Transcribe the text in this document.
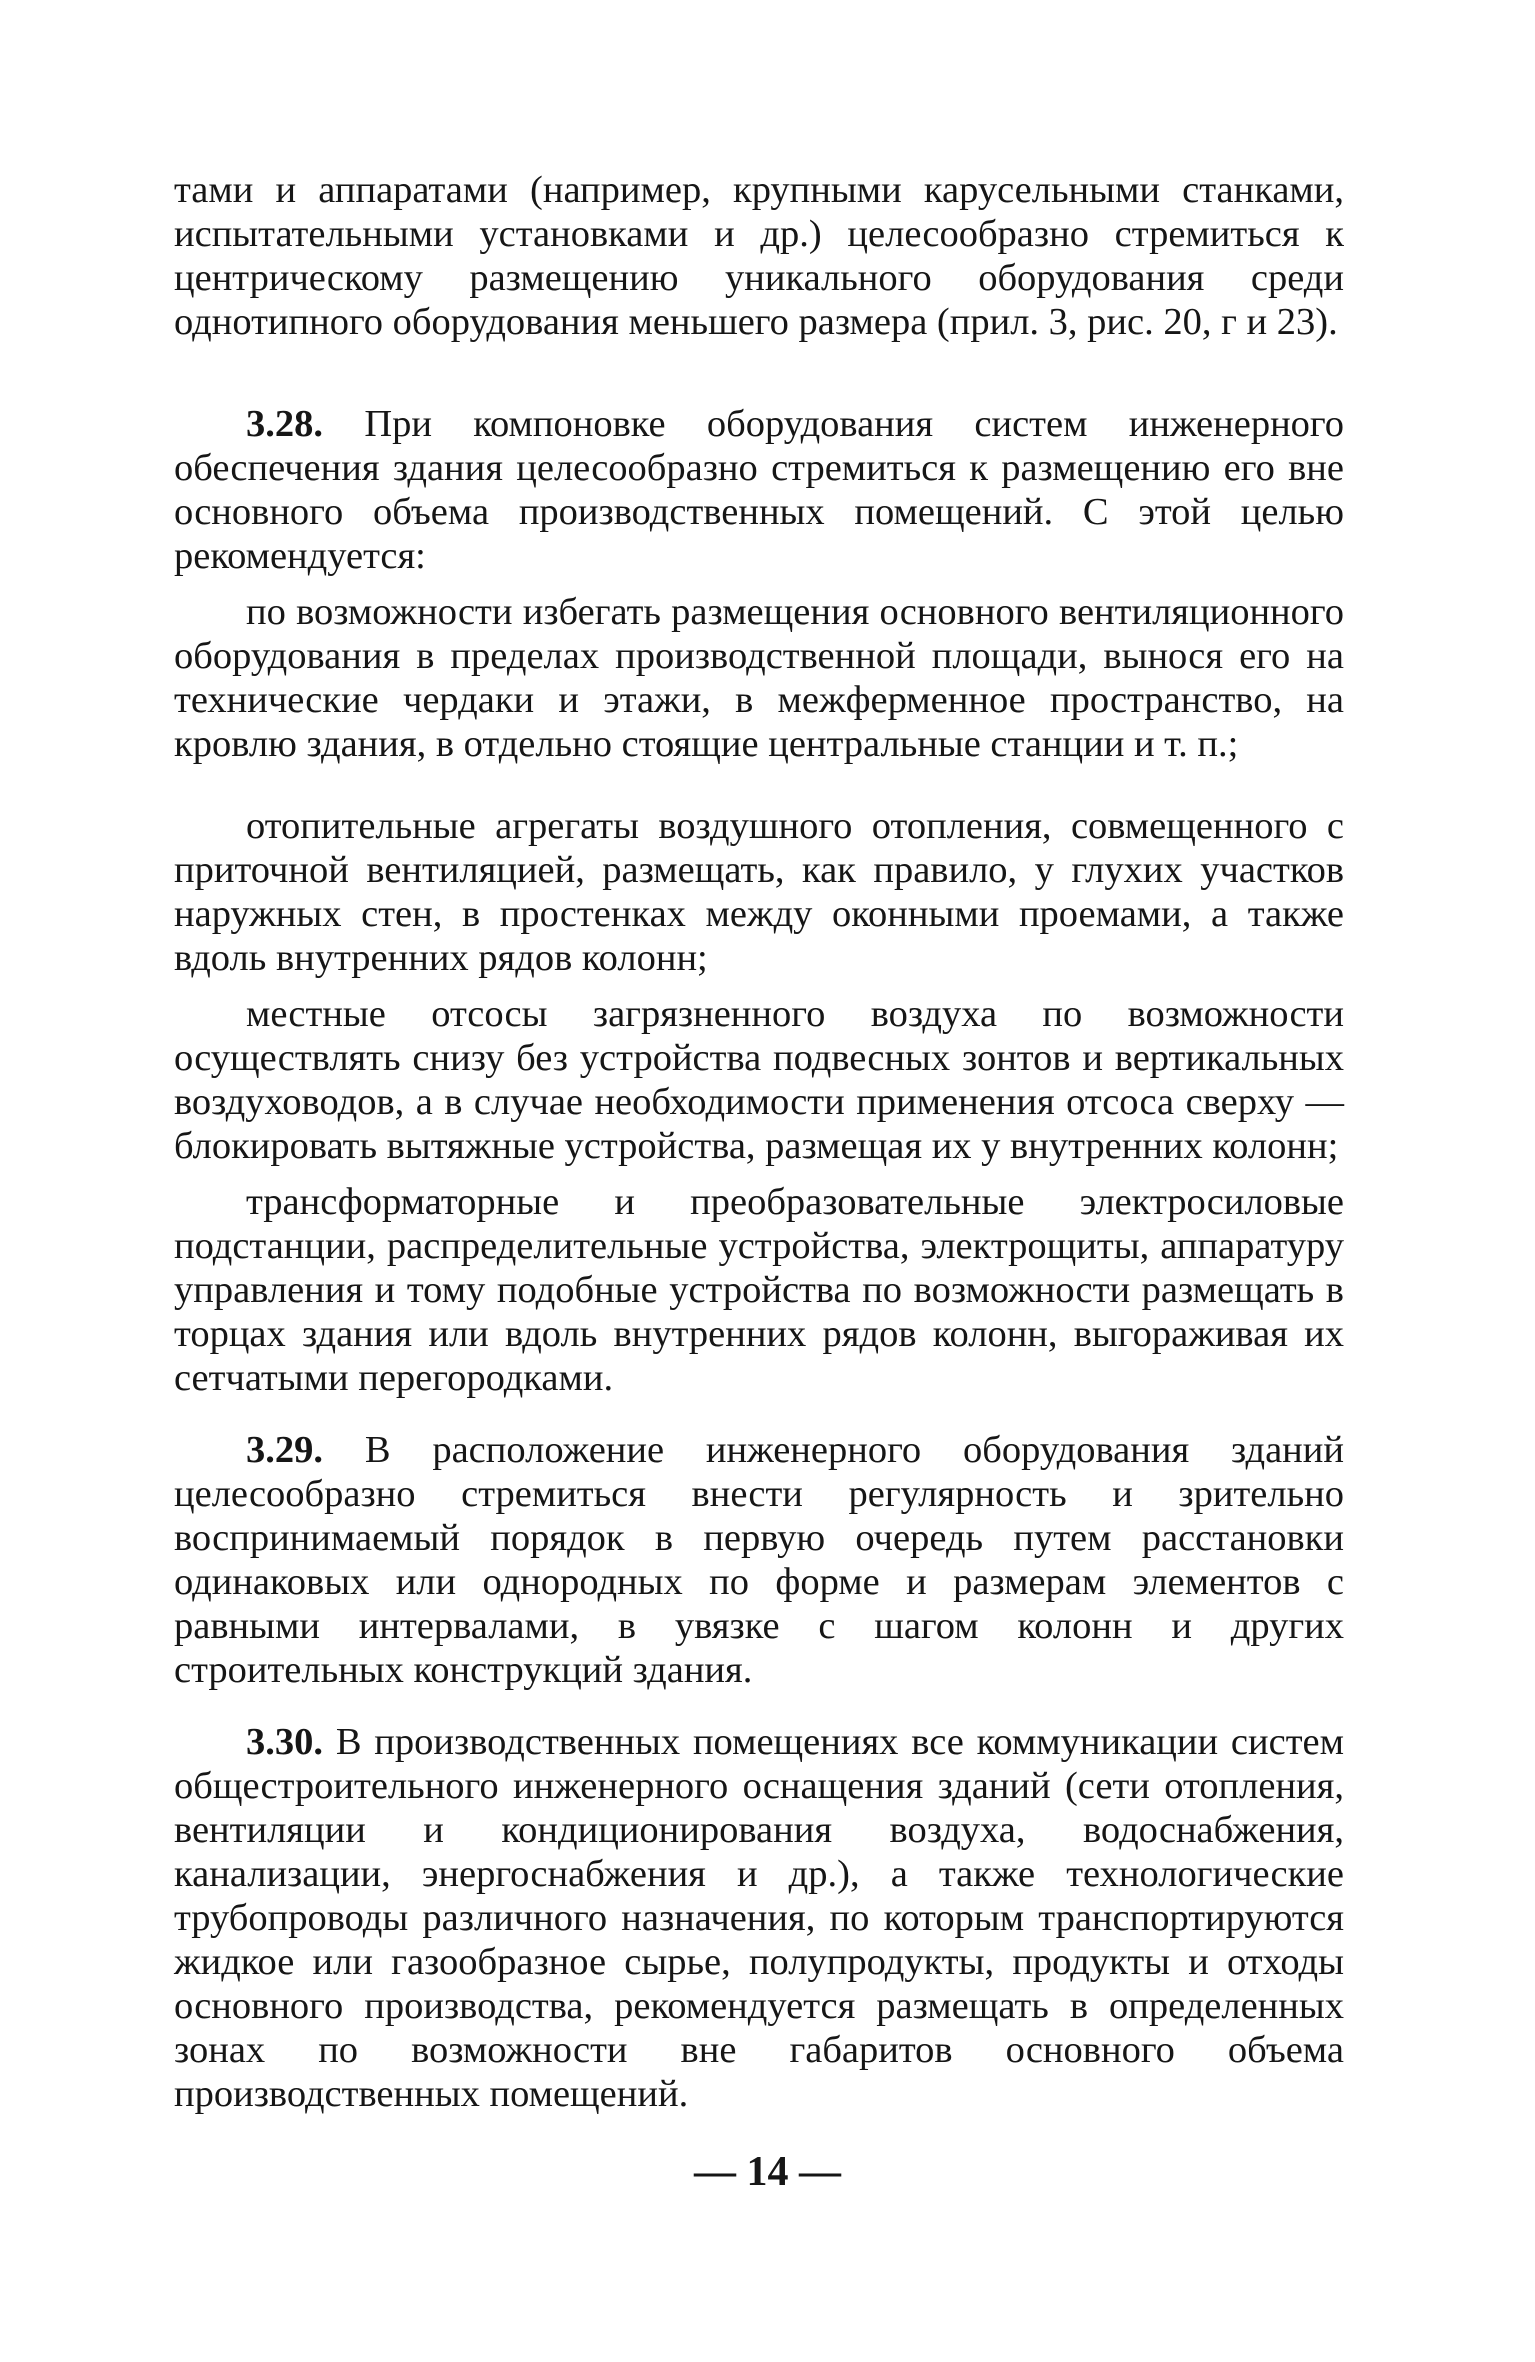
тами и аппаратами (например, крупными карусельными станками, испытательными установками и др.) целесообразно стремиться к центрическому размещению уникального оборудования среди однотипного оборудования меньшего размера (прил. 3, рис. 20, г и 23).

3.28. При компоновке оборудования систем инженерного обеспечения здания целесообразно стремиться к размещению его вне основного объема производственных помещений. С этой целью рекомендуется:

по возможности избегать размещения основного вентиляционного оборудования в пределах производственной площади, вынося его на технические чердаки и этажи, в межферменное пространство, на кровлю здания, в отдельно стоящие центральные станции и т. п.;

отопительные агрегаты воздушного отопления, совмещенного с приточной вентиляцией, размещать, как правило, у глухих участков наружных стен, в простенках между оконными проемами, а также вдоль внутренних рядов колонн;

местные отсосы загрязненного воздуха по возможности осуществлять снизу без устройства подвесных зонтов и вертикальных воздуховодов, а в случае необходимости применения отсоса сверху — блокировать вытяжные устройства, размещая их у внутренних колонн;

трансформаторные и преобразовательные электросиловые подстанции, распределительные устройства, электрощиты, аппаратуру управления и тому подобные устройства по возможности размещать в торцах здания или вдоль внутренних рядов колонн, выгораживая их сетчатыми перегородками.

3.29. В расположение инженерного оборудования зданий целесообразно стремиться внести регулярность и зрительно воспринимаемый порядок в первую очередь путем расстановки одинаковых или однородных по форме и размерам элементов с равными интервалами, в увязке с шагом колонн и других строительных конструкций здания.

3.30. В производственных помещениях все коммуникации систем общестроительного инженерного оснащения зданий (сети отопления, вентиляции и кондиционирования воздуха, водоснабжения, канализации, энергоснабжения и др.), а также технологические трубопроводы различного назначения, по которым транспортируются жидкое или газообразное сырье, полупродукты, продукты и отходы основного производства, рекомендуется размещать в определенных зонах по возможности вне габаритов основного объема производственных помещений.

— 14 —
